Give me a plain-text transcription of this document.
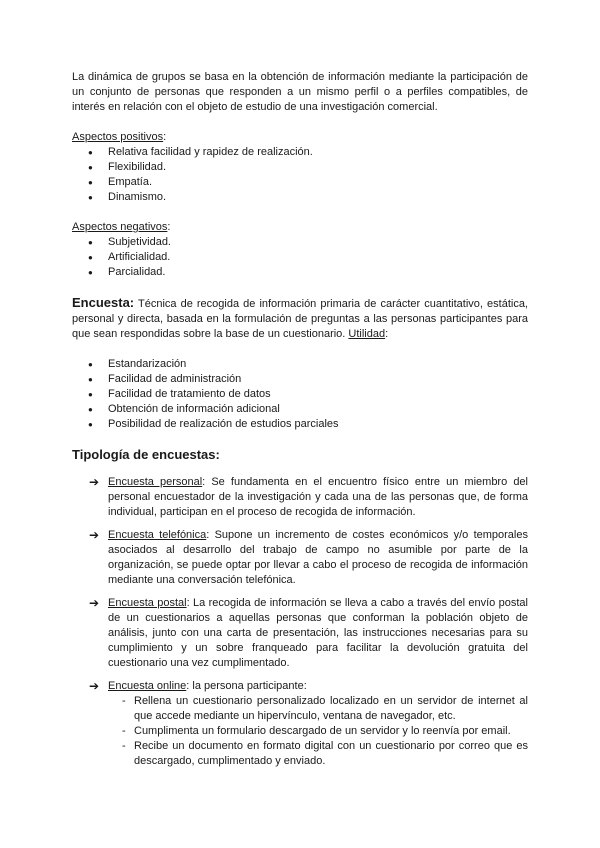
La dinámica de grupos se basa en la obtención de información mediante la participación de un conjunto de personas que responden a un mismo perfil o a perfiles compatibles, de interés en relación con el objeto de estudio de una investigación comercial.

Aspectos positivos:

● Relativa facilidad y rapidez de realización.
● Flexibilidad.
● Empatía.
● Dinamismo.

Aspectos negativos:

● Subjetividad.
● Artificialidad.
● Parcialidad.

Encuesta: Técnica de recogida de información primaria de carácter cuantitativo, estática, personal y directa, basada en la formulación de preguntas a las personas participantes para que sean respondidas sobre la base de un cuestionario. Utilidad:

● Estandarización
● Facilidad de administración
● Facilidad de tratamiento de datos
● Obtención de información adicional
● Posibilidad de realización de estudios parciales
Tipología de encuestas:
➔ Encuesta personal: Se fundamenta en el encuentro físico entre un miembro del personal encuestador de la investigación y cada una de las personas que, de forma individual, participan en el proceso de recogida de información.
➔ Encuesta telefónica: Supone un incremento de costes económicos y/o temporales asociados al desarrollo del trabajo de campo no asumible por parte de la organización, se puede optar por llevar a cabo el proceso de recogida de información mediante una conversación telefónica.
➔ Encuesta postal: La recogida de información se lleva a cabo a través del envío postal de un cuestionarios a aquellas personas que conforman la población objeto de análisis, junto con una carta de presentación, las instrucciones necesarias para su cumplimiento y un sobre franqueado para facilitar la devolución gratuita del cuestionario una vez cumplimentado.
➔ Encuesta online: la persona participante:
- Rellena un cuestionario personalizado localizado en un servidor de internet al que accede mediante un hipervínculo, ventana de navegador, etc.
- Cumplimenta un formulario descargado de un servidor y lo reenvía por email.
- Recibe un documento en formato digital con un cuestionario por correo que es descargado, cumplimentado y enviado.
